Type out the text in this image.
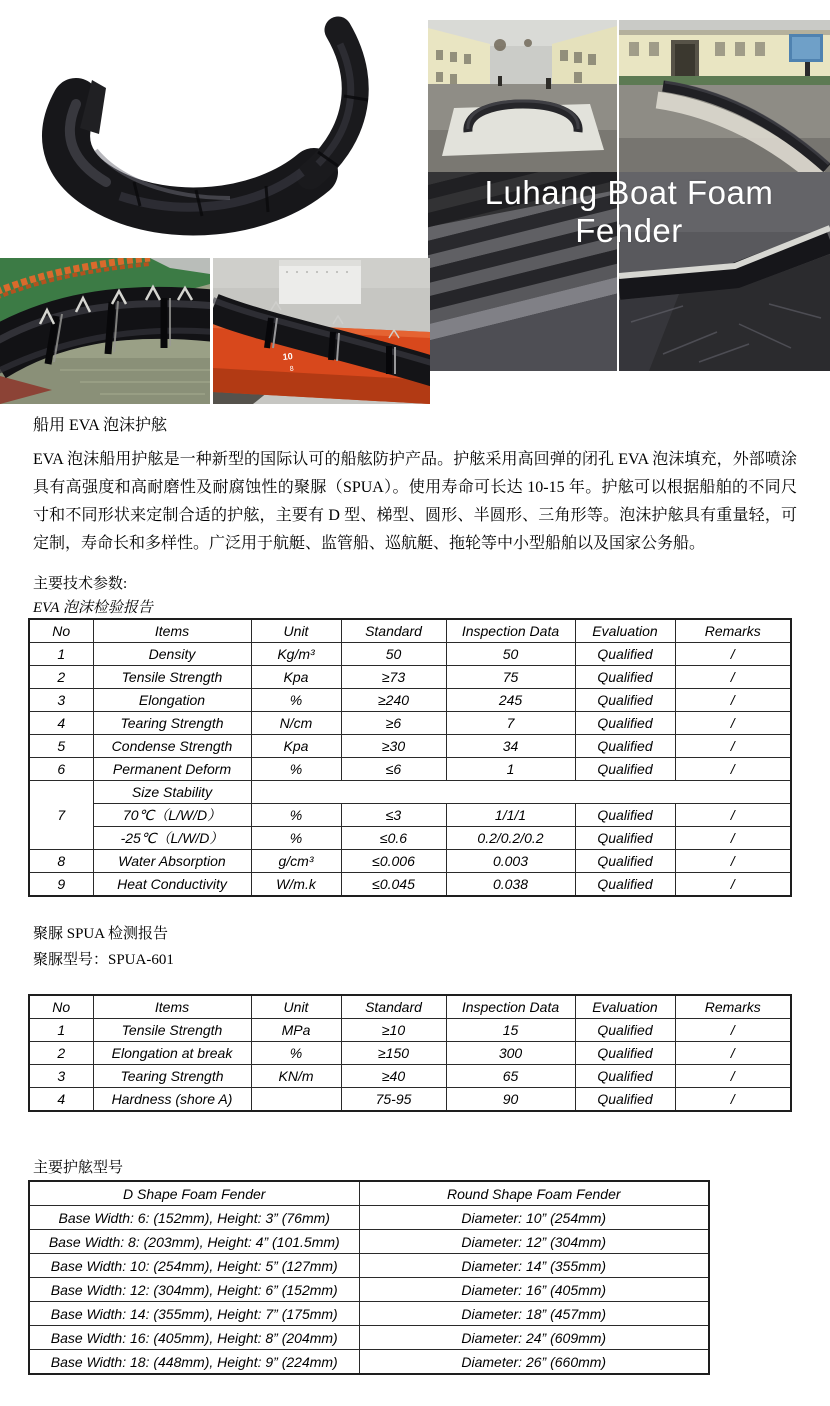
10
8
Luhang Boat Foam Fender
船用 EVA 泡沫护舷

EVA 泡沫船用护舷是一种新型的国际认可的船舷防护产品。护舷采用高回弹的闭孔 EVA 泡沫填充，外部喷涂具有高强度和高耐磨性及耐腐蚀性的聚脲（SPUA）。使用寿命可长达 10-15 年。护舷可以根据船舶的不同尺寸和不同形状来定制合适的护舷，主要有 D 型、梯型、圆形、半圆形、三角形等。泡沫护舷具有重量轻，可定制，寿命长和多样性。广泛用于航艇、监管船、巡航艇、拖轮等中小型船舶以及国家公务船。

主要技术参数:
EVA 泡沫检验报告
No	Items	Unit	Standard	Inspection Data	Evaluation	Remarks
1	Density	Kg/m³	50	50	Qualified	/
2	Tensile Strength	Kpa	≥73	75	Qualified	/
3	Elongation	%	≥240	245	Qualified	/
4	Tearing Strength	N/cm	≥6	7	Qualified	/
5	Condense Strength	Kpa	≥30	34	Qualified	/
6	Permanent Deform	%	≤6	1	Qualified	/
7	Size Stability					
	70℃（L/W/D）	%	≤3	1/1/1	Qualified	/
	-25℃（L/W/D）	%	≤0.6	0.2/0.2/0.2	Qualified	/
8	Water Absorption	g/cm³	≤0.006	0.003	Qualified	/
9	Heat Conductivity	W/m.k	≤0.045	0.038	Qualified	/
聚脲 SPUA 检测报告
聚脲型号：SPUA-601
No	Items	Unit	Standard	Inspection Data	Evaluation	Remarks
1	Tensile Strength	MPa	≥10	15	Qualified	/
2	Elongation at break	%	≥150	300	Qualified	/
3	Tearing Strength	KN/m	≥40	65	Qualified	/
4	Hardness (shore A)		75-95	90	Qualified	/
主要护舷型号
D Shape Foam Fender	Round Shape Foam Fender
Base Width: 6: (152mm), Height: 3” (76mm)	Diameter: 10” (254mm)
Base Width: 8: (203mm), Height: 4” (101.5mm)	Diameter: 12” (304mm)
Base Width: 10: (254mm), Height: 5” (127mm)	Diameter: 14” (355mm)
Base Width: 12: (304mm), Height: 6” (152mm)	Diameter: 16” (405mm)
Base Width: 14: (355mm), Height: 7” (175mm)	Diameter: 18” (457mm)
Base Width: 16: (405mm), Height: 8” (204mm)	Diameter: 24” (609mm)
Base Width: 18: (448mm), Height: 9” (224mm)	Diameter: 26” (660mm)
